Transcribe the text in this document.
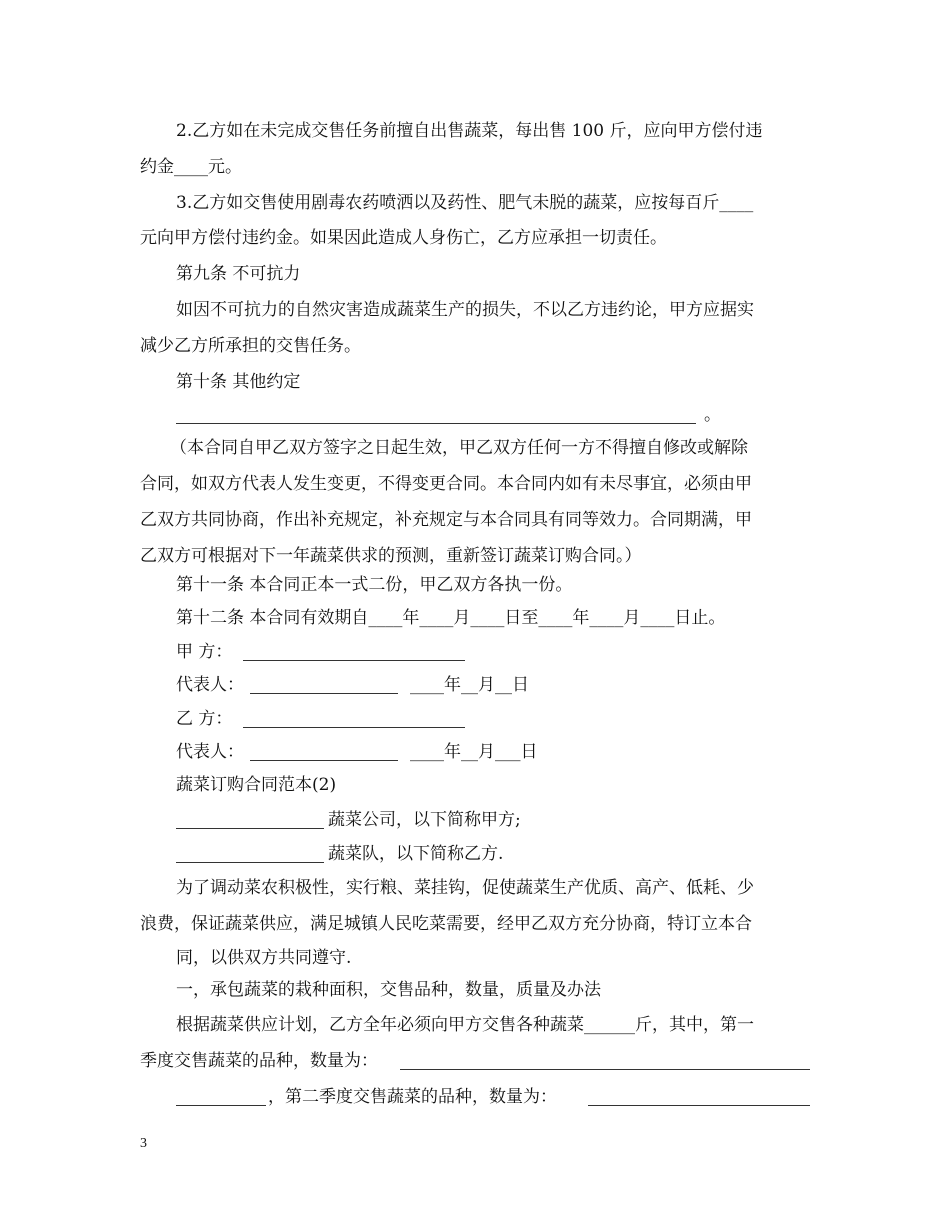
2.乙方如在未完成交售任务前擅自出售蔬菜，每出售 100 斤，应向甲方偿付违
约金____元。
3.乙方如交售使用剧毒农药喷洒以及药性、肥气未脱的蔬菜，应按每百斤____
元向甲方偿付违约金。如果因此造成人身伤亡，乙方应承担一切责任。
第九条 不可抗力
如因不可抗力的自然灾害造成蔬菜生产的损失，不以乙方违约论，甲方应据实
减少乙方所承担的交售任务。
第十条 其他约定
。
（本合同自甲乙双方签字之日起生效，甲乙双方任何一方不得擅自修改或解除
合同，如双方代表人发生变更，不得变更合同。本合同内如有未尽事宜，必须由甲
乙双方共同协商，作出补充规定，补充规定与本合同具有同等效力。合同期满，甲
乙双方可根据对下一年蔬菜供求的预测，重新签订蔬菜订购合同。）
第十一条 本合同正本一式二份，甲乙双方各执一份。
第十二条 本合同有效期自____年____月____日至____年____月____日止。
甲 方：
代表人：	____年__月__日
乙 方：
代表人：	____年__月___日
蔬菜订购合同范本(2)
蔬菜公司，以下简称甲方;
蔬菜队，以下简称乙方.
为了调动菜农积极性，实行粮、菜挂钩，促使蔬菜生产优质、高产、低耗、少
浪费，保证蔬菜供应，满足城镇人民吃菜需要，经甲乙双方充分协商，特订立本合
同，以供双方共同遵守.
一，承包蔬菜的栽种面积，交售品种，数量，质量及办法
根据蔬菜供应计划，乙方全年必须向甲方交售各种蔬菜______斤，其中，第一
季度交售蔬菜的品种，数量为：
，第二季度交售蔬菜的品种，数量为：
3
